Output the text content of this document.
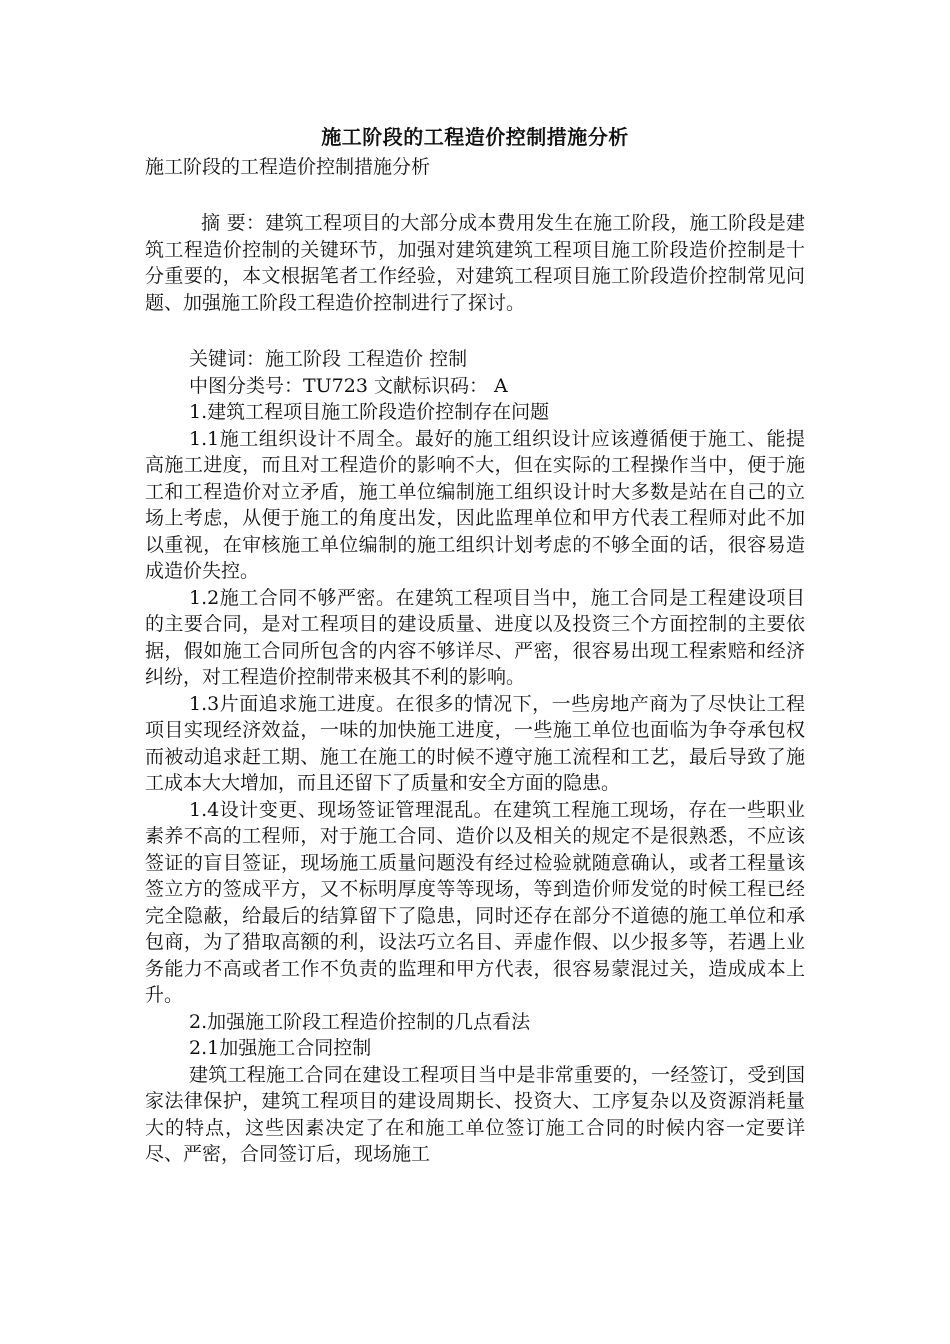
施工阶段的工程造价控制措施分析

施工阶段的工程造价控制措施分析

摘 要：建筑工程项目的大部分成本费用发生在施工阶段，施工阶段是建筑工程造价控制的关键环节，加强对建筑建筑工程项目施工阶段造价控制是十分重要的，本文根据笔者工作经验，对建筑工程项目施工阶段造价控制常见问题、加强施工阶段工程造价控制进行了探讨。

关键词：施工阶段 工程造价 控制

中图分类号：TU723 文献标识码： A

1.建筑工程项目施工阶段造价控制存在问题

1.1施工组织设计不周全。最好的施工组织设计应该遵循便于施工、能提高施工进度，而且对工程造价的影响不大，但在实际的工程操作当中，便于施工和工程造价对立矛盾，施工单位编制施工组织设计时大多数是站在自己的立场上考虑，从便于施工的角度出发，因此监理单位和甲方代表工程师对此不加以重视，在审核施工单位编制的施工组织计划考虑的不够全面的话，很容易造成造价失控。

1.2施工合同不够严密。在建筑工程项目当中，施工合同是工程建设项目的主要合同，是对工程项目的建设质量、进度以及投资三个方面控制的主要依据，假如施工合同所包含的内容不够详尽、严密，很容易出现工程索赔和经济纠纷，对工程造价控制带来极其不利的影响。

1.3片面追求施工进度。在很多的情况下，一些房地产商为了尽快让工程项目实现经济效益，一味的加快施工进度，一些施工单位也面临为争夺承包权而被动追求赶工期、施工在施工的时候不遵守施工流程和工艺，最后导致了施工成本大大增加，而且还留下了质量和安全方面的隐患。

1.4设计变更、现场签证管理混乱。在建筑工程施工现场，存在一些职业素养不高的工程师，对于施工合同、造价以及相关的规定不是很熟悉，不应该签证的盲目签证，现场施工质量问题没有经过检验就随意确认，或者工程量该签立方的签成平方，又不标明厚度等等现场，等到造价师发觉的时候工程已经完全隐蔽，给最后的结算留下了隐患，同时还存在部分不道德的施工单位和承包商，为了猎取高额的利，设法巧立名目、弄虚作假、以少报多等，若遇上业务能力不高或者工作不负责的监理和甲方代表，很容易蒙混过关，造成成本上升。

2.加强施工阶段工程造价控制的几点看法

2.1加强施工合同控制

建筑工程施工合同在建设工程项目当中是非常重要的，一经签订，受到国家法律保护，建筑工程项目的建设周期长、投资大、工序复杂以及资源消耗量大的特点，这些因素决定了在和施工单位签订施工合同的时候内容一定要详尽、严密，合同签订后，现场施工
